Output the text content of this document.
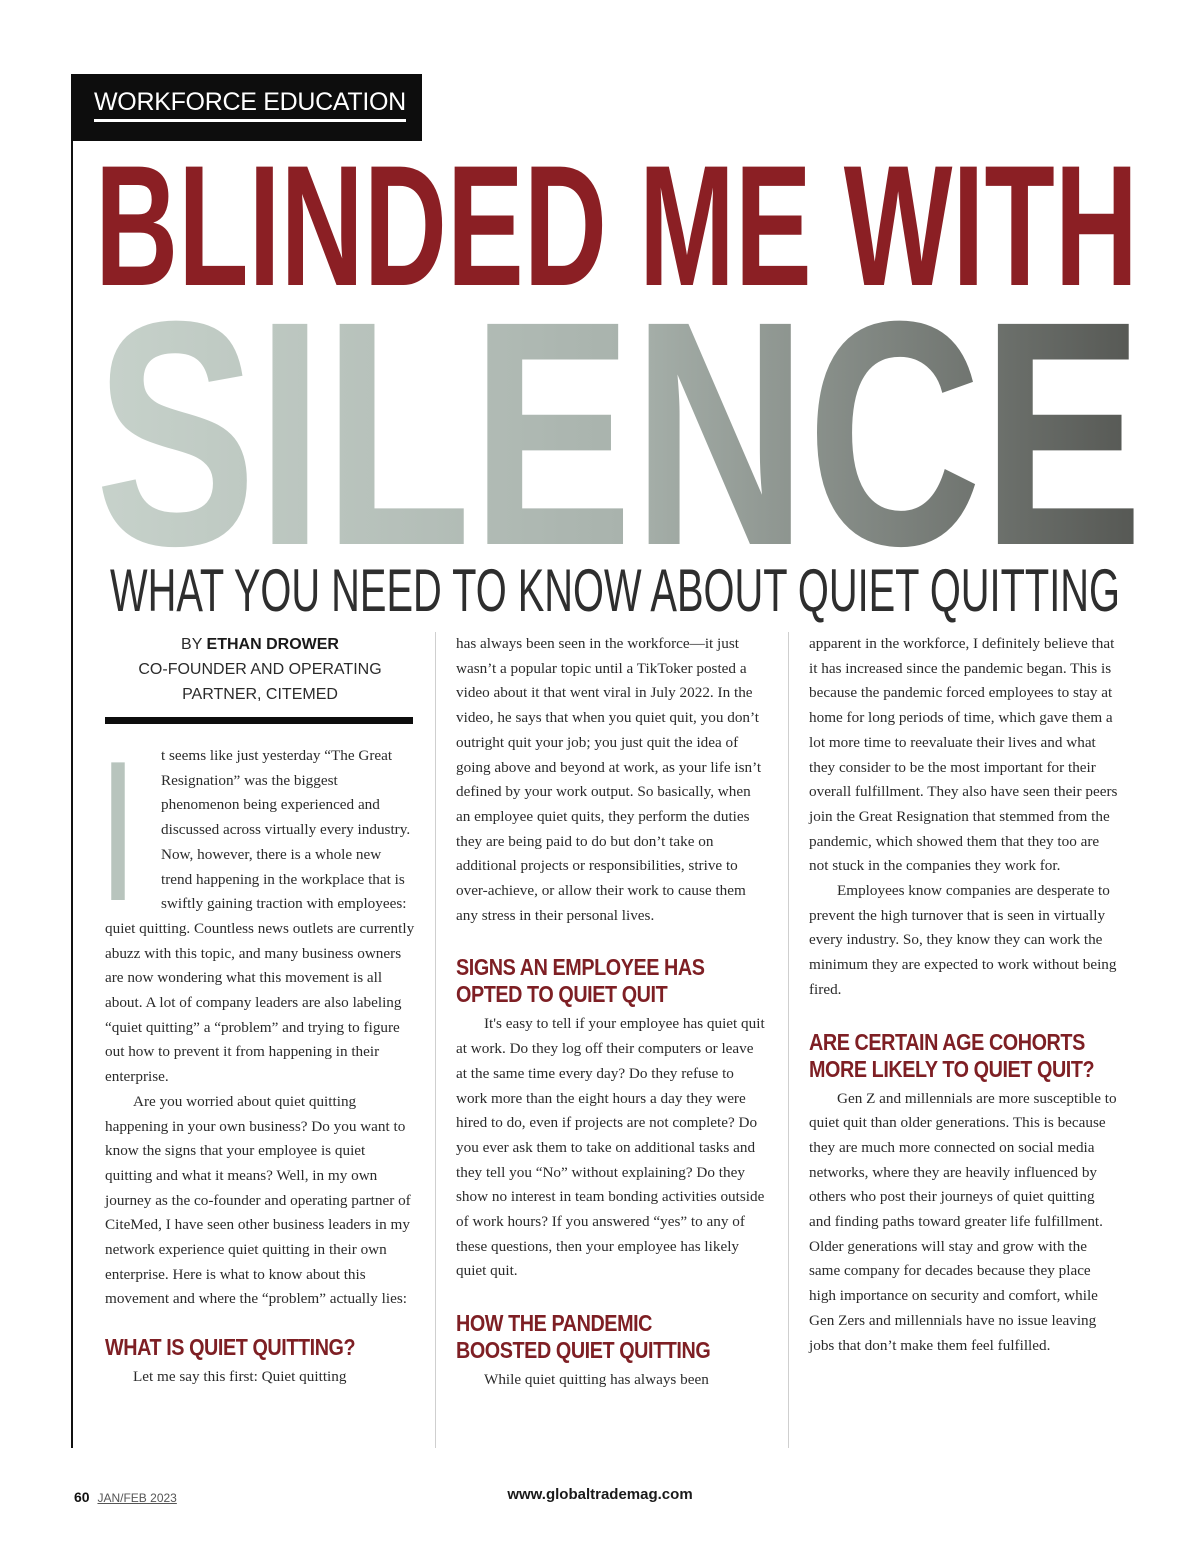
WORKFORCE EDUCATION
BLINDED ME WITH
SILENCE
WHAT YOU NEED TO KNOW ABOUT QUIET QUITTING
BY ETHAN DROWER
CO-FOUNDER AND OPERATING
PARTNER, CITEMED
I	t seems like just yesterday “The Great Resignation” was the biggest phenomenon being experienced and discussed across virtually every industry. Now, however, there is a whole new trend happening in the workplace that is swiftly gaining traction with employees: quiet quitting. Countless news outlets are currently abuzz with this topic, and many business owners are now wondering what this movement is all about. A lot of company leaders are also labeling “quiet quitting” a “problem” and trying to figure out how to prevent it from happening in their enterprise.

Are you worried about quiet quitting happening in your own business? Do you want to know the signs that your employee is quiet quitting and what it means? Well, in my own journey as the co-founder and operating partner of CiteMed, I have seen other business leaders in my network experience quiet quitting in their own enterprise. Here is what to know about this movement and where the “problem” actually lies:

WHAT IS QUIET QUITTING?

Let me say this first: Quiet quitting

has always been seen in the workforce—it just wasn’t a popular topic until a TikToker posted a video about it that went viral in July 2022. In the video, he says that when you quiet quit, you don’t outright quit your job; you just quit the idea of going above and beyond at work, as your life isn’t defined by your work output. So basically, when an employee quiet quits, they perform the duties they are being paid to do but don’t take on additional projects or responsibilities, strive to over-achieve, or allow their work to cause them any stress in their personal lives.

SIGNS AN EMPLOYEE HAS OPTED TO QUIET QUIT

It's easy to tell if your employee has quiet quit at work. Do they log off their computers or leave at the same time every day? Do they refuse to work more than the eight hours a day they were hired to do, even if projects are not complete? Do you ever ask them to take on additional tasks and they tell you “No” without explaining? Do they show no interest in team bonding activities outside of work hours? If you answered “yes” to any of these questions, then your employee has likely quiet quit.

HOW THE PANDEMIC BOOSTED QUIET QUITTING

While quiet quitting has always been

apparent in the workforce, I definitely believe that it has increased since the pandemic began. This is because the pandemic forced employees to stay at home for long periods of time, which gave them a lot more time to reevaluate their lives and what they consider to be the most important for their overall fulfillment. They also have seen their peers join the Great Resignation that stemmed from the pandemic, which showed them that they too are not stuck in the companies they work for.

Employees know companies are desperate to prevent the high turnover that is seen in virtually every industry. So, they know they can work the minimum they are expected to work without being fired.

ARE CERTAIN AGE COHORTS MORE LIKELY TO QUIET QUIT?

Gen Z and millennials are more susceptible to quiet quit than older generations. This is because they are much more connected on social media networks, where they are heavily influenced by others who post their journeys of quiet quitting and finding paths toward greater life fulfillment. Older generations will stay and grow with the same company for decades because they place high importance on security and comfort, while Gen Zers and millennials have no issue leaving jobs that don’t make them feel fulfilled.

60 JAN/FEB 2023	www.globaltrademag.com
